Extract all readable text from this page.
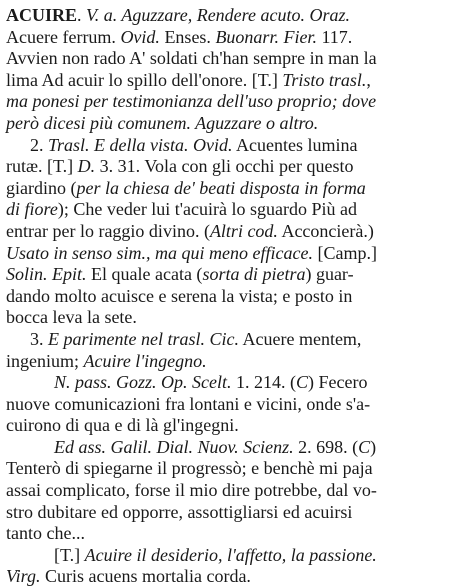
ACUIRE. V. a. Aguzzare, Rendere acuto. Oraz.
Acuere ferrum. Ovid. Enses. Buonarr. Fier. 117.
Avvien non rado A' soldati ch'han sempre in man la
lima Ad acuir lo spillo dell'onore. [T.] Tristo trasl.,
ma ponesi per testimonianza dell'uso proprio; dove
però dicesi più comunem. Aguzzare o altro.
2. Trasl. E della vista. Ovid. Acuentes lumina
rutæ. [T.] D. 3. 31. Vola con gli occhi per questo
giardino (per la chiesa de' beati disposta in forma
di fiore); Che veder lui t'acuirà lo sguardo Più ad
entrar per lo raggio divino. (Altri cod. Acconcierà.)
Usato in senso sim., ma qui meno efficace. [Camp.]
Solin. Epit. El quale acata (sorta di pietra) guar-
dando molto acuisce e serena la vista; e posto in
bocca leva la sete.
3. E parimente nel trasl. Cic. Acuere mentem,
ingenium; Acuire l'ingegno.
N. pass. Gozz. Op. Scelt. 1. 214. (C) Fecero
nuove comunicazioni fra lontani e vicini, onde s'a-
cuirono di qua e di là gl'ingegni.
Ed ass. Galil. Dial. Nuov. Scienz. 2. 698. (C)
Tenterò di spiegarne il progressò; e benchè mi paja
assai complicato, forse il mio dire potrebbe, dal vo-
stro dubitare ed opporre, assottigliarsi ed acuirsi
tanto che...
[T.] Acuire il desiderio, l'affetto, la passione.
Virg. Curis acuens mortalia corda.
